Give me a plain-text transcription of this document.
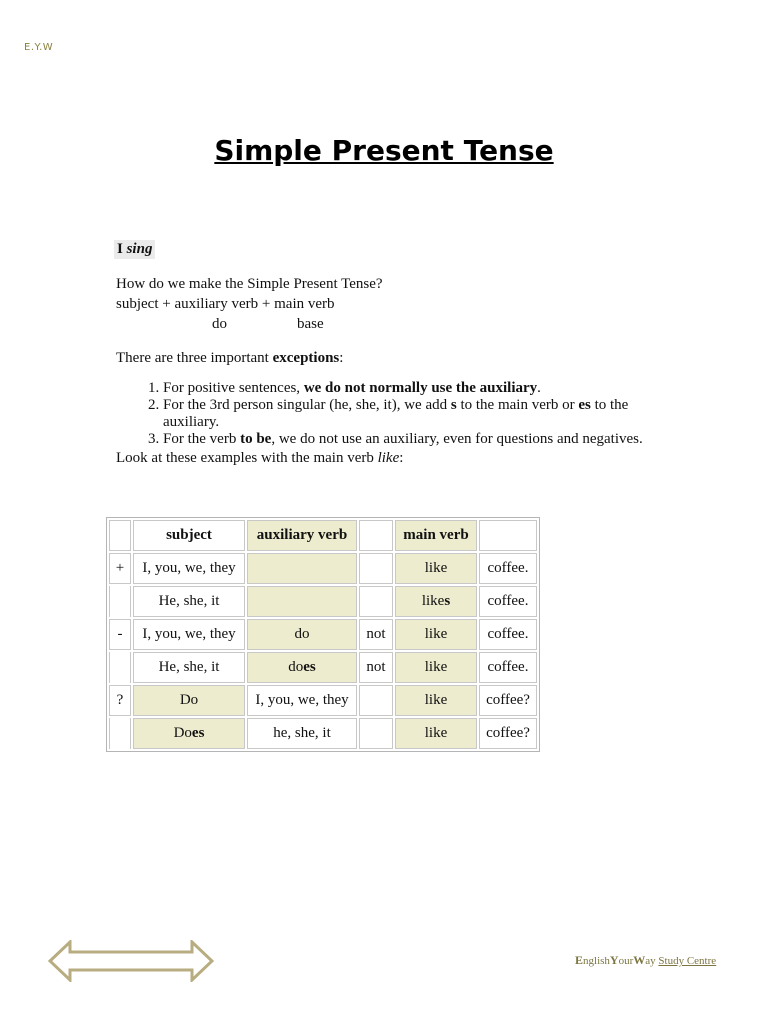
E.Y.W
Simple Present Tense
I sing

How do we make the Simple Present Tense?

subject + auxiliary verb + main verb

do	base

There are three important exceptions:

1. For positive sentences, we do not normally use the auxiliary.
2. For the 3rd person singular (he, she, it), we add s to the main verb or es to the auxiliary.
3. For the verb to be, we do not use an auxiliary, even for questions and negatives.

Look at these examples with the main verb like:

	subject	auxiliary verb		main verb	
+	I, you, we, they			like	coffee.
	He, she, it			likes	coffee.
-	I, you, we, they	do	not	like	coffee.
	He, she, it	does	not	like	coffee.
?	Do	I, you, we, they		like	coffee?
	Does	he, she, it		like	coffee?
EnglishYourWay Study Centre
